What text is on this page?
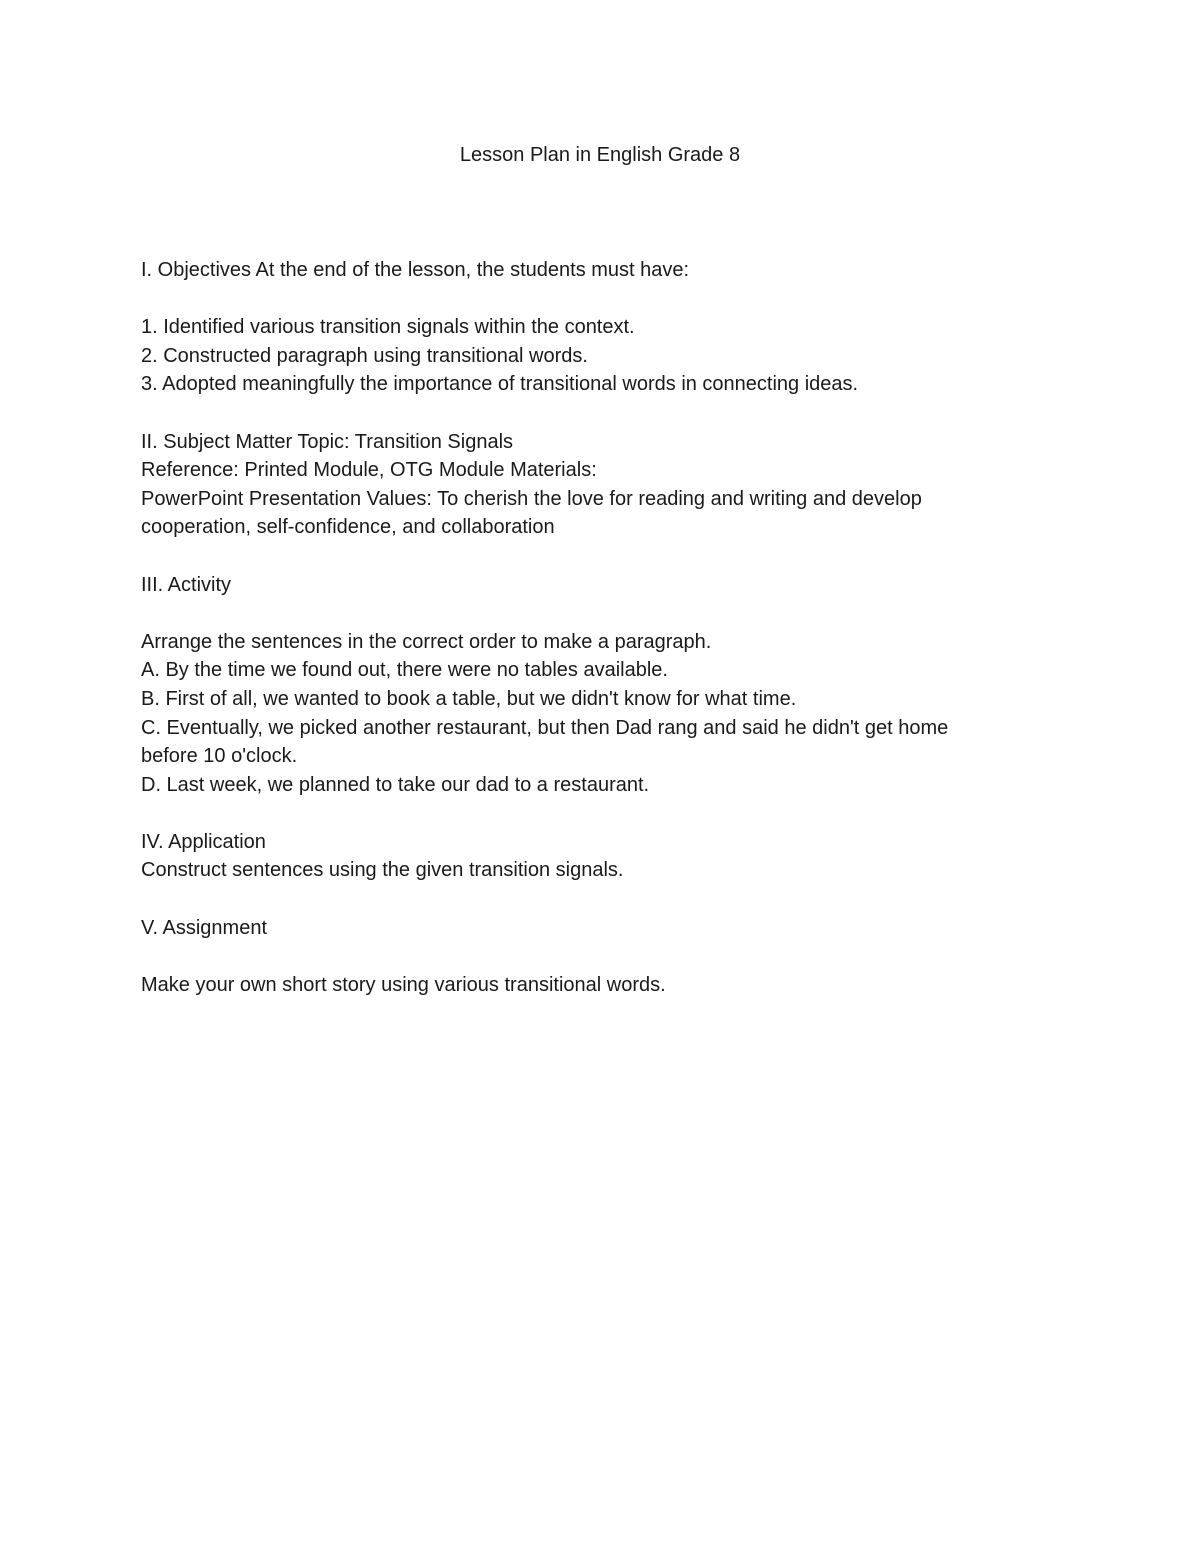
Lesson Plan in English Grade 8
I. Objectives At the end of the lesson, the students must have:
1. Identified various transition signals within the context.
2. Constructed paragraph using transitional words.
3. Adopted meaningfully the importance of transitional words in connecting ideas.
II. Subject Matter Topic: Transition Signals
Reference: Printed Module, OTG Module Materials:
PowerPoint Presentation Values: To cherish the love for reading and writing and develop
cooperation, self-confidence, and collaboration
III. Activity
Arrange the sentences in the correct order to make a paragraph.
A. By the time we found out, there were no tables available.
B. First of all, we wanted to book a table, but we didn't know for what time.
C. Eventually, we picked another restaurant, but then Dad rang and said he didn't get home
before 10 o'clock.
D. Last week, we planned to take our dad to a restaurant.
IV. Application
Construct sentences using the given transition signals.
V. Assignment
Make your own short story using various transitional words.
